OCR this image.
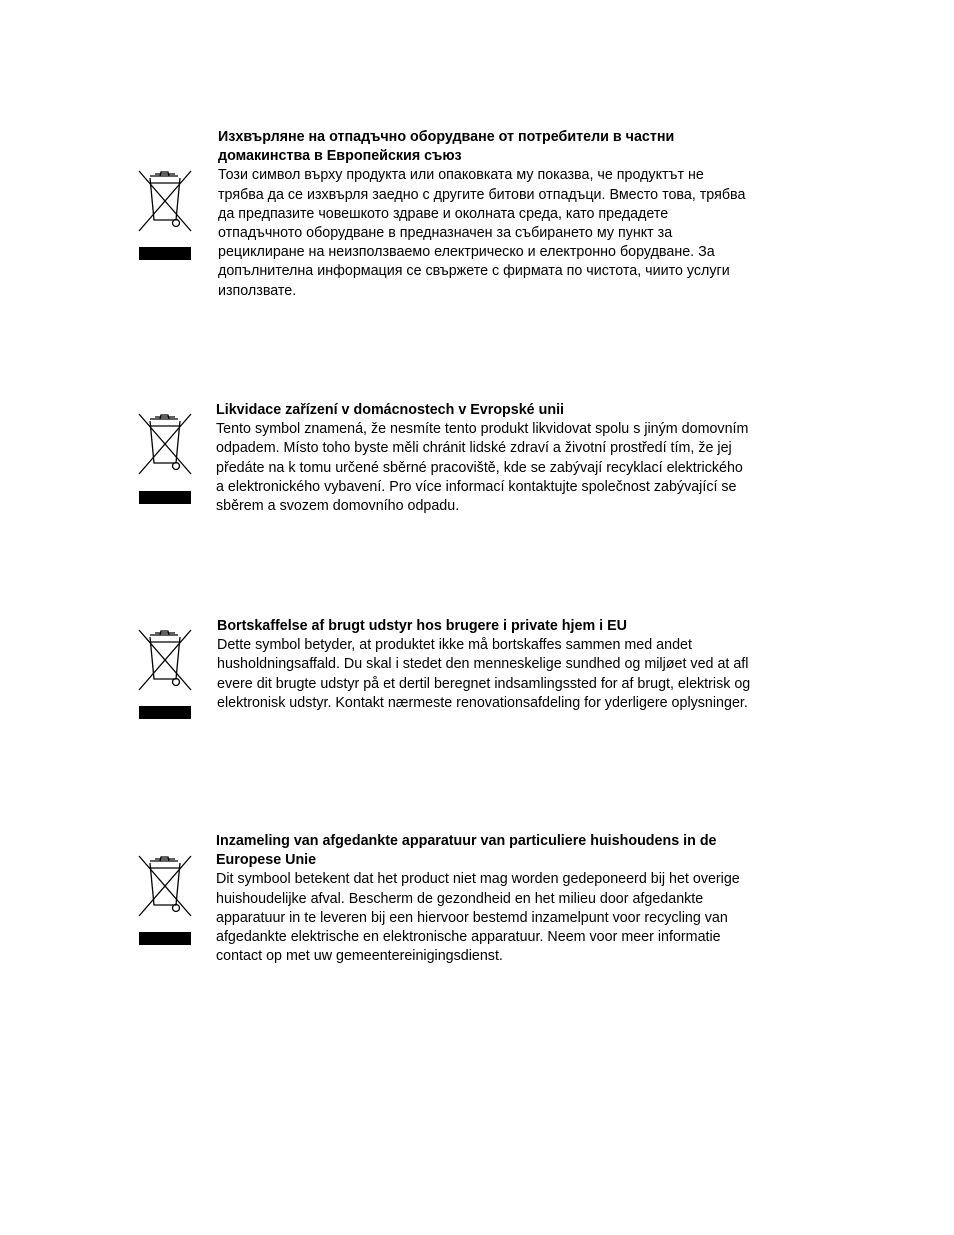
Изхвърляне на отпадъчно оборудване от потребители в частни домакинства в Европейския съюз
Този символ върху продукта или опаковката му показва, че продуктът не трябва да се изхвърля заедно с другите битови отпадъци. Вместо това, трябва да предпазите човешкото здраве и околната среда, като предадете отпадъчното оборудване в предназначен за събирането му пункт за рециклиране на неизползваемо електрическо и електронно борудване. За допълнителна информация се свържете с фирмата по чистота, чиито услуги използвате.
Likvidace zařízení v domácnostech v Evropské unii
Tento symbol znamená, že nesmíte tento produkt likvidovat spolu s jiným domovním odpadem. Místo toho byste měli chránit lidské zdraví a životní prostředí tím, že jej předáte na k tomu určené sběrné pracoviště, kde se zabývají recyklací elektrického a elektronického vybavení. Pro více informací kontaktujte společnost zabývající se sběrem a svozem domovního odpadu.
Bortskaffelse af brugt udstyr hos brugere i private hjem i EU
Dette symbol betyder, at produktet ikke må bortskaffes sammen med andet husholdningsaffald. Du skal i stedet den menneskelige sundhed og miljøet ved at afl evere dit brugte udstyr på et dertil beregnet indsamlingssted for af brugt, elektrisk og elektronisk udstyr. Kontakt nærmeste renovationsafdeling for yderligere oplysninger.
Inzameling van afgedankte apparatuur van particuliere huishoudens in de Europese Unie
Dit symbool betekent dat het product niet mag worden gedeponeerd bij het overige huishoudelijke afval. Bescherm de gezondheid en het milieu door afgedankte apparatuur in te leveren bij een hiervoor bestemd inzamelpunt voor recycling van afgedankte elektrische en elektronische apparatuur. Neem voor meer informatie contact op met uw gemeentereinigingsdienst.
